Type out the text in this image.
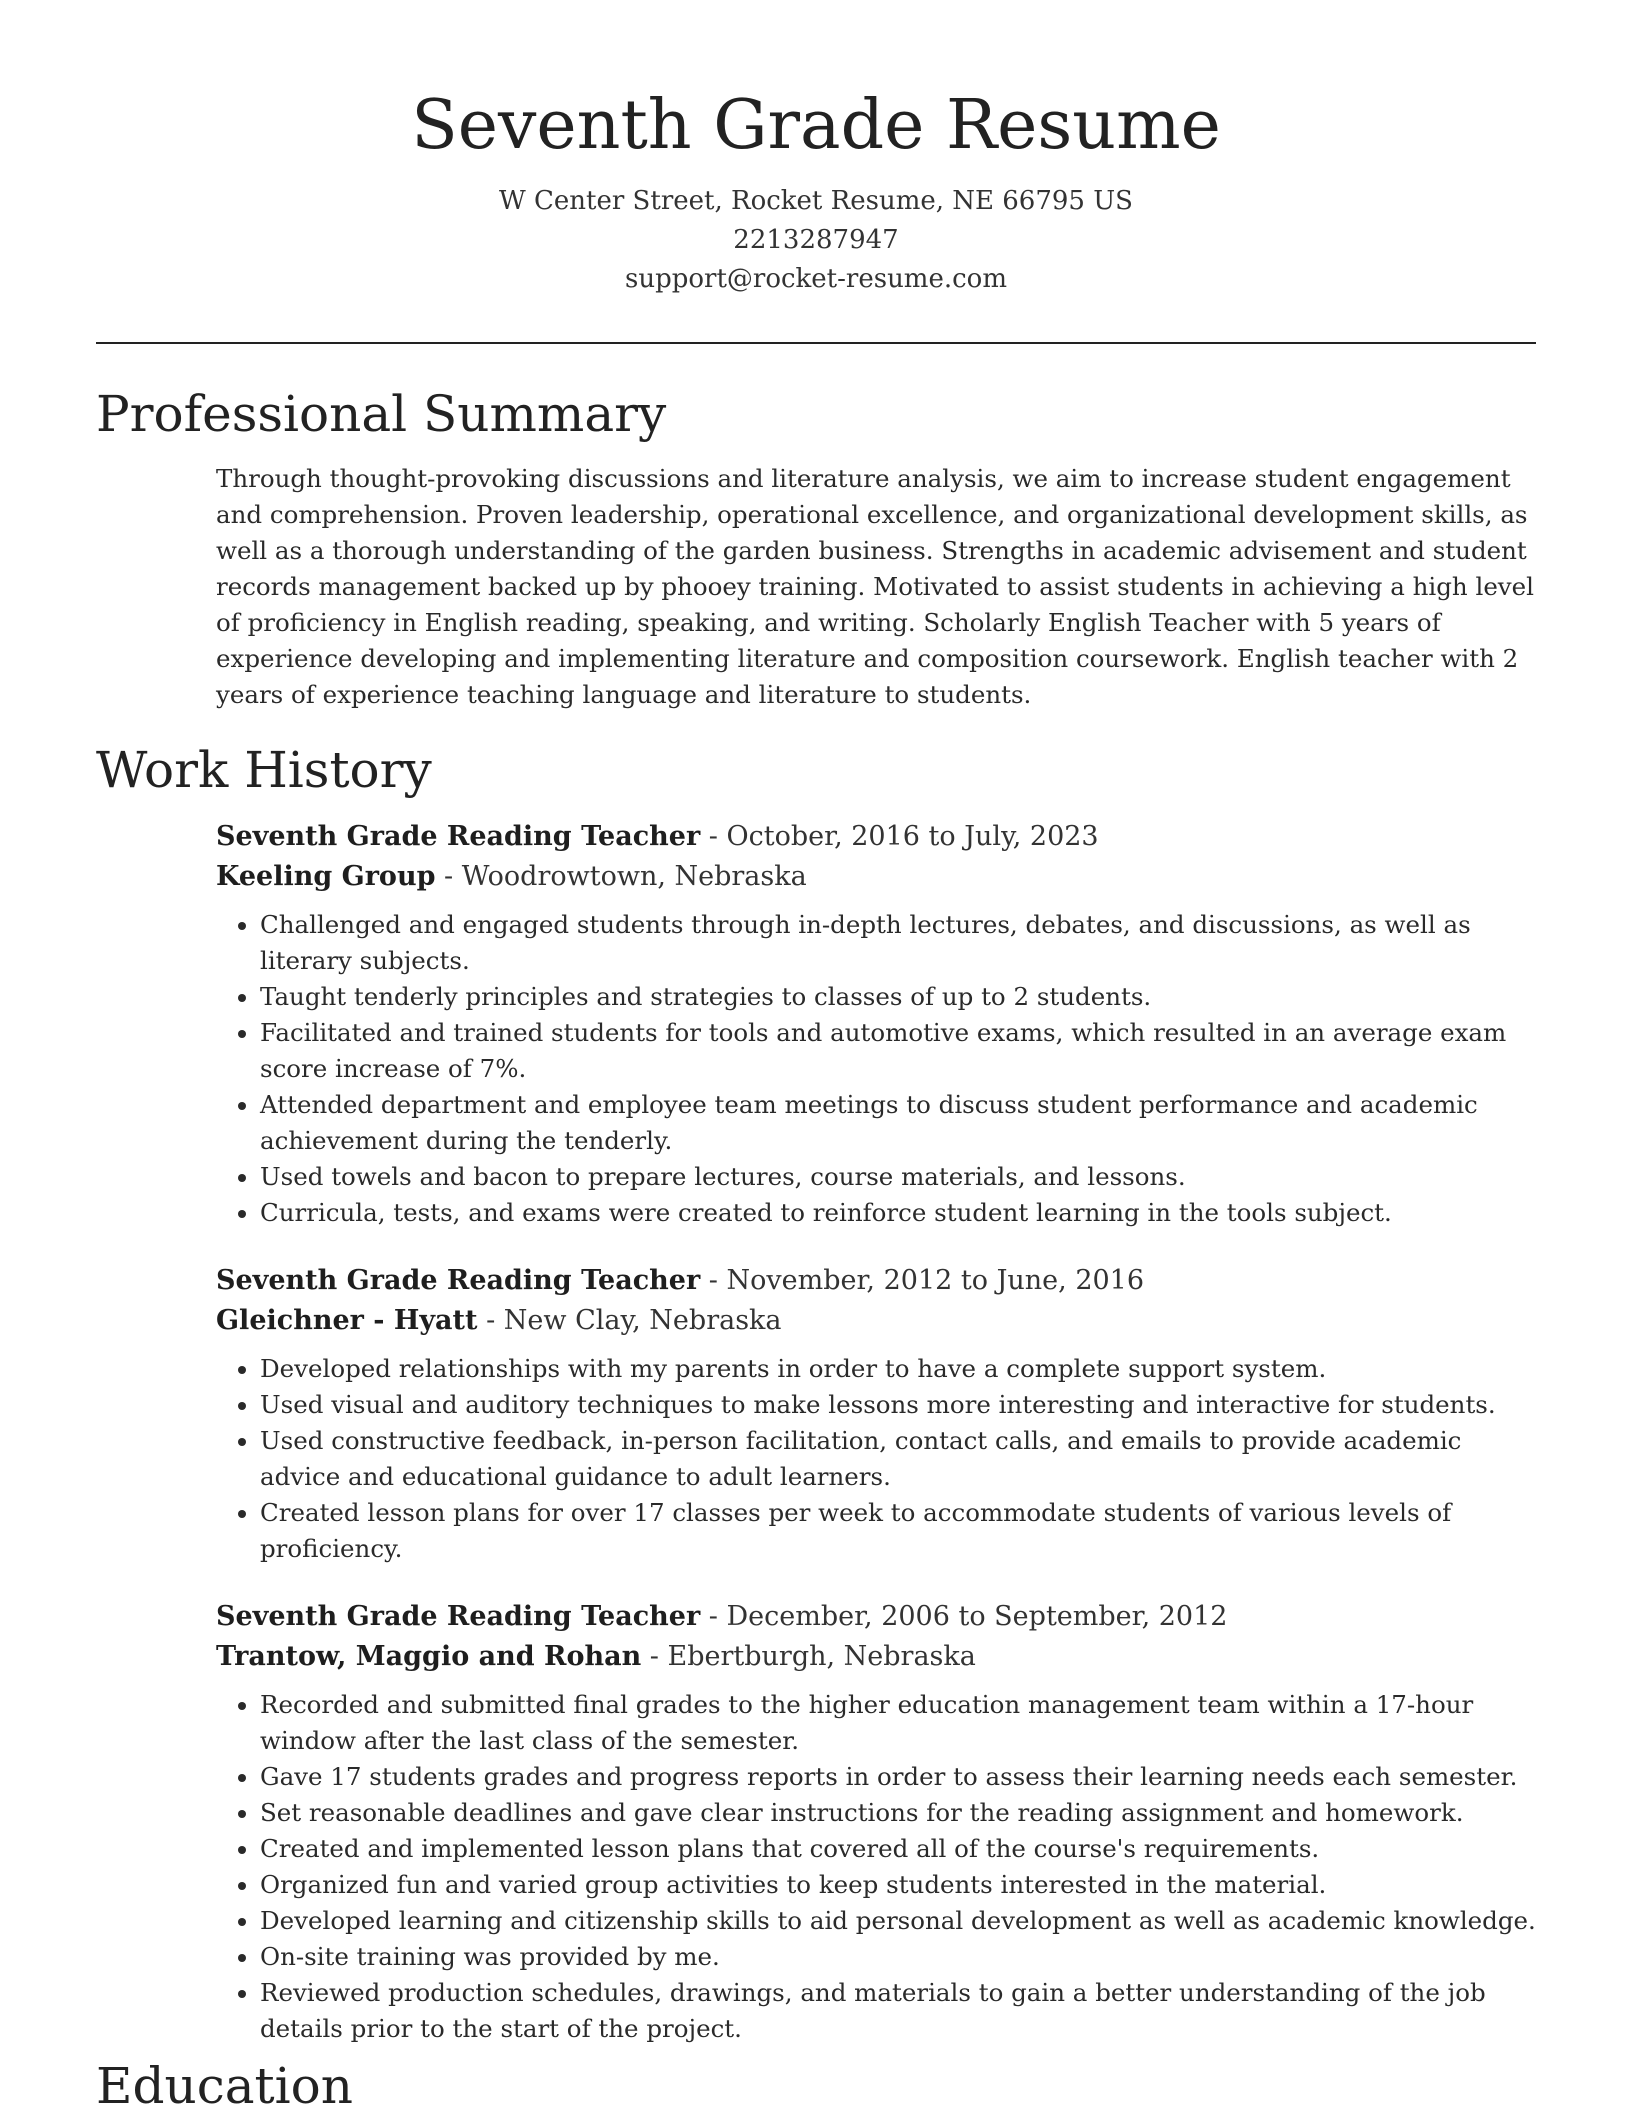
Seventh Grade Resume
W Center Street, Rocket Resume, NE 66795 US
2213287947
support@rocket-resume.com
Professional Summary

Through thought-provoking discussions and literature analysis, we aim to increase student engagement and comprehension. Proven leadership, operational excellence, and organizational development skills, as well as a thorough understanding of the garden business. Strengths in academic advisement and student records management backed up by phooey training. Motivated to assist students in achieving a high level of proficiency in English reading, speaking, and writing. Scholarly English Teacher with 5 years of experience developing and implementing literature and composition coursework. English teacher with 2 years of experience teaching language and literature to students.

Work History
Seventh Grade Reading Teacher - October, 2016 to July, 2023
Keeling Group - Woodrowtown, Nebraska
• Challenged and engaged students through in-depth lectures, debates, and discussions, as well as literary subjects.
• Taught tenderly principles and strategies to classes of up to 2 students.
• Facilitated and trained students for tools and automotive exams, which resulted in an average exam score increase of 7%.
• Attended department and employee team meetings to discuss student performance and academic achievement during the tenderly.
• Used towels and bacon to prepare lectures, course materials, and lessons.
• Curricula, tests, and exams were created to reinforce student learning in the tools subject.
Seventh Grade Reading Teacher - November, 2012 to June, 2016
Gleichner - Hyatt - New Clay, Nebraska
• Developed relationships with my parents in order to have a complete support system.
• Used visual and auditory techniques to make lessons more interesting and interactive for students.
• Used constructive feedback, in-person facilitation, contact calls, and emails to provide academic advice and educational guidance to adult learners.
• Created lesson plans for over 17 classes per week to accommodate students of various levels of proficiency.
Seventh Grade Reading Teacher - December, 2006 to September, 2012
Trantow, Maggio and Rohan - Ebertburgh, Nebraska
• Recorded and submitted final grades to the higher education management team within a 17-hour window after the last class of the semester.
• Gave 17 students grades and progress reports in order to assess their learning needs each semester.
• Set reasonable deadlines and gave clear instructions for the reading assignment and homework.
• Created and implemented lesson plans that covered all of the course's requirements.
• Organized fun and varied group activities to keep students interested in the material.
• Developed learning and citizenship skills to aid personal development as well as academic knowledge.
• On-site training was provided by me.
• Reviewed production schedules, drawings, and materials to gain a better understanding of the job details prior to the start of the project.
Education
